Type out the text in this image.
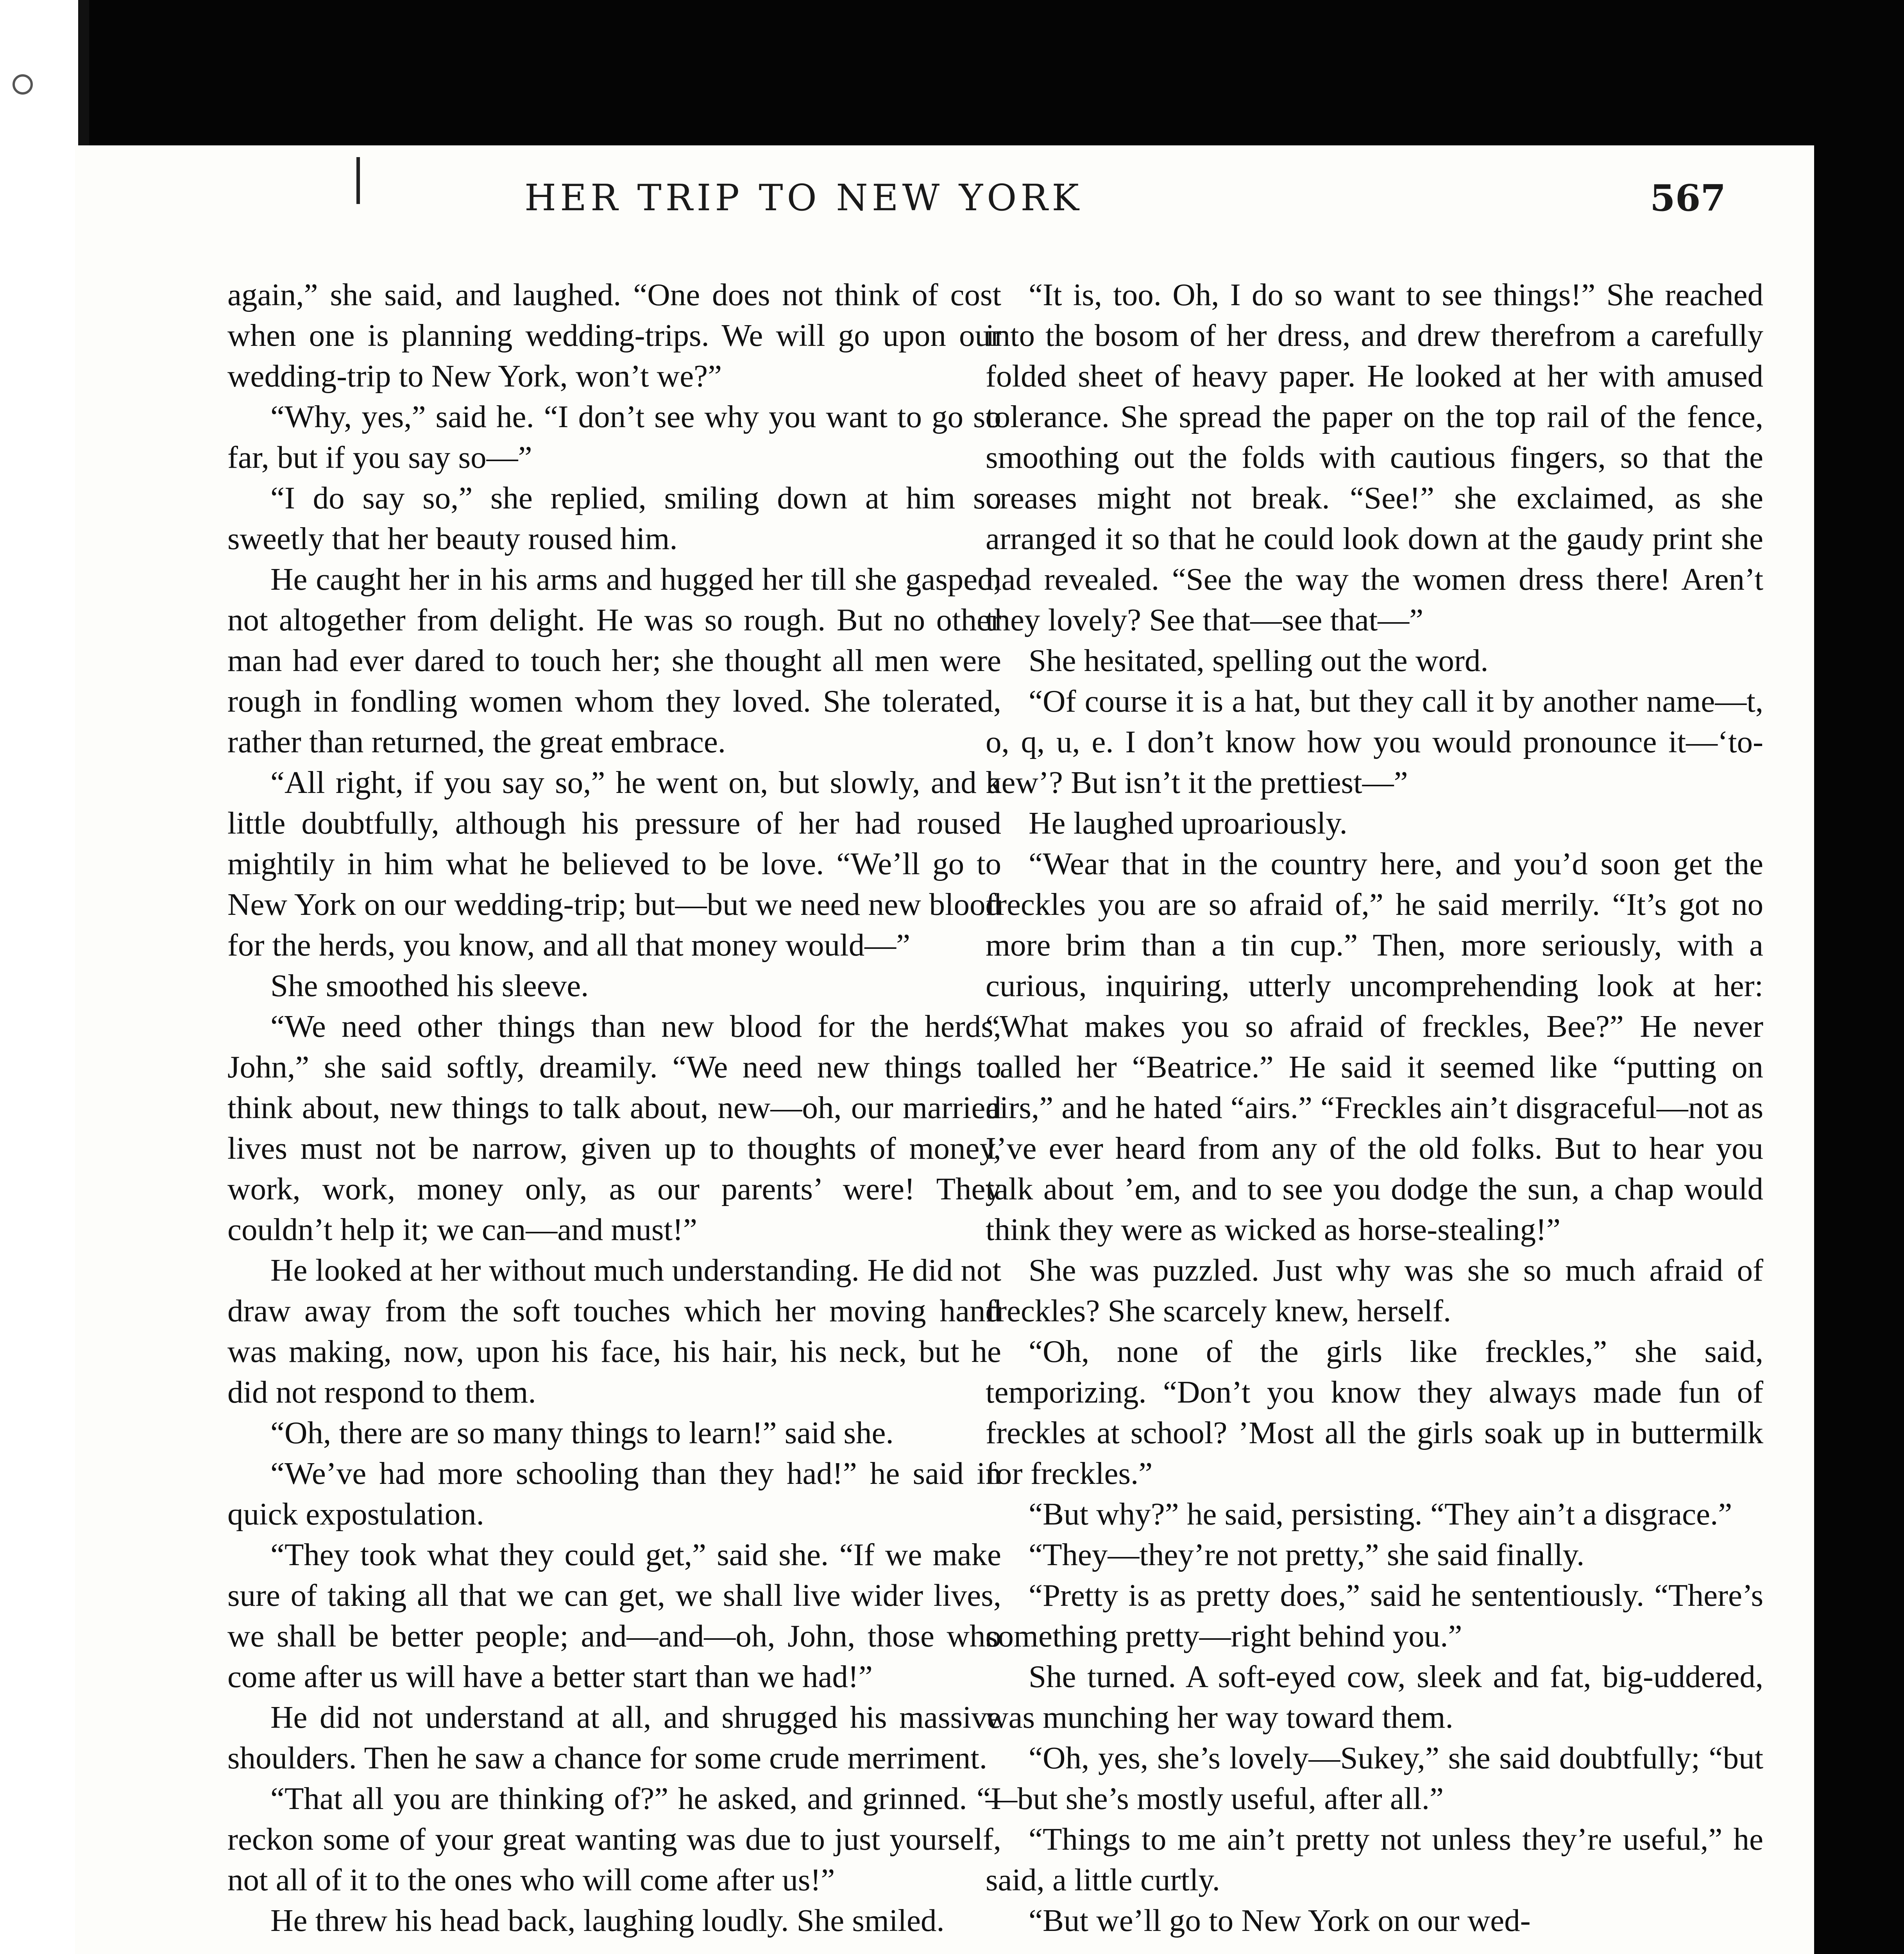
HER TRIP TO NEW YORK	567

again,” she said, and laughed. “One does not think of cost when one is planning wedding-trips. We will go upon our wedding-trip to New York, won’t we?”

“Why, yes,” said he. “I don’t see why you want to go so far, but if you say so—”

“I do say so,” she replied, smiling down at him so sweetly that her beauty roused him.

He caught her in his arms and hugged her till she gasped, not altogether from delight. He was so rough. But no other man had ever dared to touch her; she thought all men were rough in fondling women whom they loved. She tolerated, rather than returned, the great embrace.

“All right, if you say so,” he went on, but slowly, and a little doubtfully, although his pressure of her had roused mightily in him what he believed to be love. “We’ll go to New York on our wedding-trip; but—but we need new blood for the herds, you know, and all that money would—”

She smoothed his sleeve.

“We need other things than new blood for the herds, John,” she said softly, dreamily. “We need new things to think about, new things to talk about, new—oh, our married lives must not be narrow, given up to thoughts of money, work, work, money only, as our parents’ were! They couldn’t help it; we can—and must!”

He looked at her without much understanding. He did not draw away from the soft touches which her moving hand was making, now, upon his face, his hair, his neck, but he did not respond to them.

“Oh, there are so many things to learn!” said she.

“We’ve had more schooling than they had!” he said in quick expostulation.

“They took what they could get,” said she. “If we make sure of taking all that we can get, we shall live wider lives, we shall be better people; and—and—oh, John, those who come after us will have a better start than we had!”

He did not understand at all, and shrugged his massive shoulders. Then he saw a chance for some crude merriment.

“That all you are thinking of?” he asked, and grinned. “I reckon some of your great wanting was due to just yourself, not all of it to the ones who will come after us!”

He threw his head back, laughing loudly. She smiled.

“It is, too. Oh, I do so want to see things!” She reached into the bosom of her dress, and drew therefrom a carefully folded sheet of heavy paper. He looked at her with amused tolerance. She spread the paper on the top rail of the fence, smoothing out the folds with cautious fingers, so that the creases might not break. “See!” she exclaimed, as she arranged it so that he could look down at the gaudy print she had revealed. “See the way the women dress there! Aren’t they lovely? See that—see that—”

She hesitated, spelling out the word.

“Of course it is a hat, but they call it by another name—t, o, q, u, e. I don’t know how you would pronounce it—‘to-kew’? But isn’t it the prettiest—”

He laughed uproariously.

“Wear that in the country here, and you’d soon get the freckles you are so afraid of,” he said merrily. “It’s got no more brim than a tin cup.” Then, more seriously, with a curious, inquiring, utterly uncomprehending look at her: “What makes you so afraid of freckles, Bee?” He never called her “Beatrice.” He said it seemed like “putting on airs,” and he hated “airs.” “Freckles ain’t disgraceful—not as I’ve ever heard from any of the old folks. But to hear you talk about ’em, and to see you dodge the sun, a chap would think they were as wicked as horse-stealing!”

She was puzzled. Just why was she so much afraid of freckles? She scarcely knew, herself.

“Oh, none of the girls like freckles,” she said, temporizing. “Don’t you know they always made fun of freckles at school? ’Most all the girls soak up in buttermilk for freckles.”

“But why?” he said, persisting. “They ain’t a disgrace.”

“They—they’re not pretty,” she said finally.

“Pretty is as pretty does,” said he sententiously. “There’s something pretty—right behind you.”

She turned. A soft-eyed cow, sleek and fat, big-uddered, was munching her way toward them.

“Oh, yes, she’s lovely—Sukey,” she said doubtfully; “but—but she’s mostly useful, after all.”

“Things to me ain’t pretty not unless they’re useful,” he said, a little curtly.

“But we’ll go to New York on our wed-
